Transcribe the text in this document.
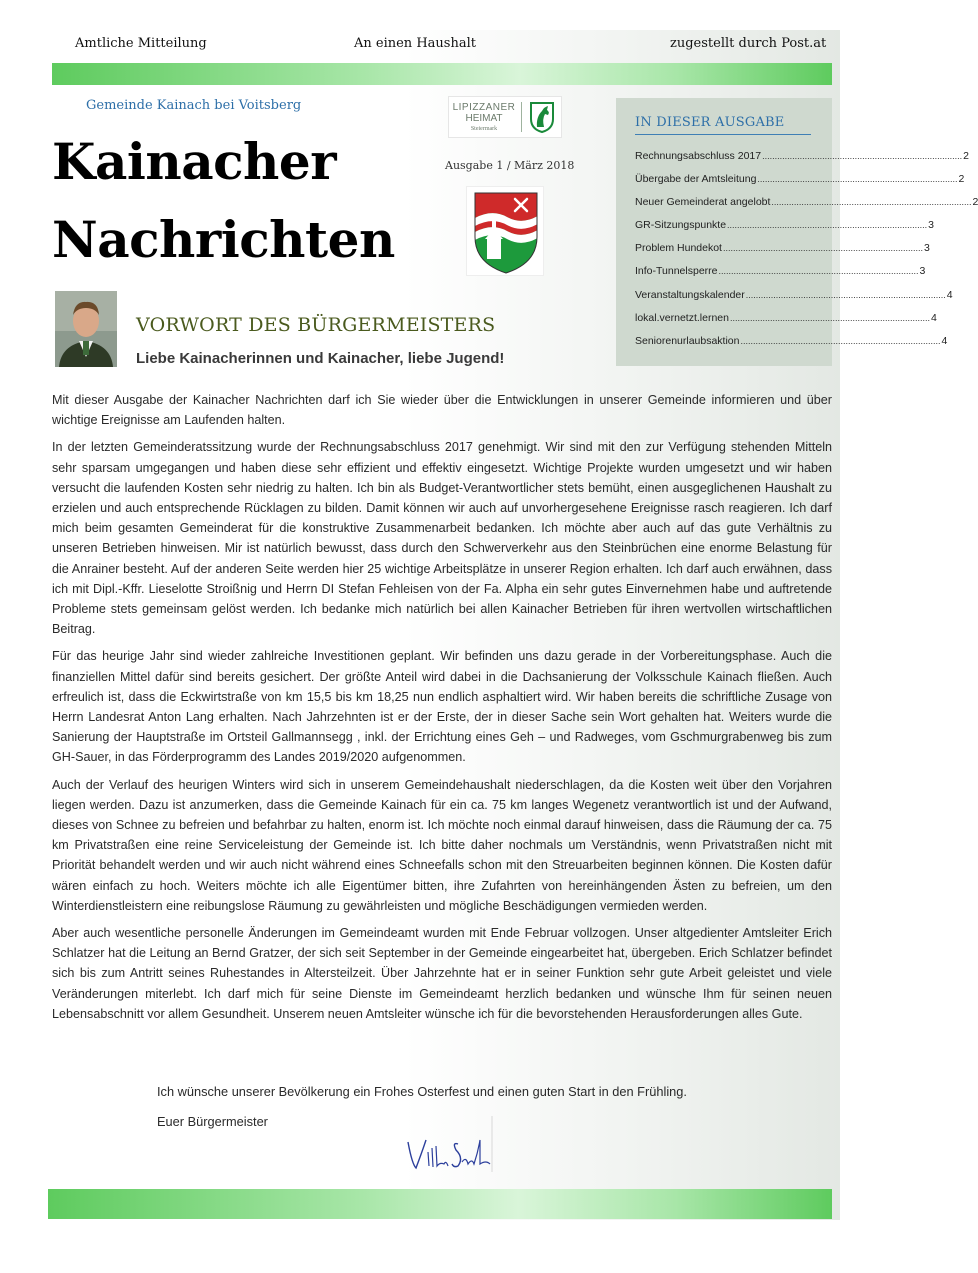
Amtliche Mitteilung	An einen Haushalt	zugestellt durch Post.at
Gemeinde Kainach bei Voitsberg
Kainacher
Nachrichten
LIPIZZANER
HEIMAT
Steiermark
Ausgabe 1 / März 2018
IN DIESER AUSGABE
Rechnungsabschluss 2017 ................................................................................ 2
Übergabe der Amtsleitung ................................................................................ 2
Neuer Gemeinderat angelobt ................................................................................ 2
GR-Sitzungspunkte ................................................................................ 3
Problem Hundekot ................................................................................ 3
Info-Tunnelsperre ................................................................................ 3
Veranstaltungskalender ................................................................................ 4
lokal.vernetzt.lernen ................................................................................ 4
Seniorenurlaubsaktion ................................................................................ 4
VORWORT DES BÜRGERMEISTERS
Liebe Kainacherinnen und Kainacher, liebe Jugend!

Mit dieser Ausgabe der Kainacher Nachrichten darf ich Sie wieder über die Entwicklungen in unserer Gemeinde informieren und über wichtige Ereignisse am Laufenden halten.

In der letzten Gemeinderatssitzung wurde der Rechnungsabschluss 2017 genehmigt. Wir sind mit den zur Verfügung stehenden Mitteln sehr sparsam umgegangen und haben diese sehr effizient und effektiv eingesetzt. Wichtige Projekte wurden umgesetzt und wir haben versucht die laufenden Kosten sehr niedrig zu halten. Ich bin als Budget-Verantwortlicher stets bemüht, einen ausgeglichenen Haushalt zu erzielen und auch entsprechende Rücklagen zu bilden. Damit können wir auch auf unvorhergesehene Ereignisse rasch reagieren. Ich darf mich beim gesamten Gemeinderat für die konstruktive Zusammenarbeit bedanken. Ich möchte aber auch auf das gute Verhältnis zu unseren Betrieben hinweisen. Mir ist natürlich bewusst, dass durch den Schwerverkehr aus den Steinbrüchen eine enorme Belastung für die Anrainer besteht. Auf der anderen Seite werden hier 25 wichtige Arbeitsplätze in unserer Region erhalten. Ich darf auch erwähnen, dass ich mit Dipl.-Kffr. Lieselotte Stroißnig und Herrn DI Stefan Fehleisen von der Fa. Alpha ein sehr gutes Einvernehmen habe und auftretende Probleme stets gemeinsam gelöst werden. Ich bedanke mich natürlich bei allen Kainacher Betrieben für ihren wertvollen wirtschaftlichen Beitrag.

Für das heurige Jahr sind wieder zahlreiche Investitionen geplant. Wir befinden uns dazu gerade in der Vorbereitungsphase. Auch die finanziellen Mittel dafür sind bereits gesichert. Der größte Anteil wird dabei in die Dachsanierung der Volksschule Kainach fließen. Auch erfreulich ist, dass die Eckwirtstraße von km 15,5 bis km 18,25 nun endlich asphaltiert wird. Wir haben bereits die schriftliche Zusage von Herrn Landesrat Anton Lang erhalten. Nach Jahrzehnten ist er der Erste, der in dieser Sache sein Wort gehalten hat. Weiters wurde die Sanierung der Hauptstraße im Ortsteil Gallmannsegg , inkl. der Errichtung eines Geh – und Radweges, vom Gschmurgrabenweg bis zum GH-Sauer, in das Förderprogramm des Landes 2019/2020 aufgenommen.

Auch der Verlauf des heurigen Winters wird sich in unserem Gemeindehaushalt niederschlagen, da die Kosten weit über den Vorjahren liegen werden. Dazu ist anzumerken, dass die Gemeinde Kainach für ein ca. 75 km langes Wegenetz verantwortlich ist und der Aufwand, dieses von Schnee zu befreien und befahrbar zu halten, enorm ist. Ich möchte noch einmal darauf hinweisen, dass die Räumung der ca. 75 km Privatstraßen eine reine Serviceleistung der Gemeinde ist. Ich bitte daher nochmals um Verständnis, wenn Privatstraßen nicht mit Priorität behandelt werden und wir auch nicht während eines Schneefalls schon mit den Streuarbeiten beginnen können. Die Kosten dafür wären einfach zu hoch. Weiters möchte ich alle Eigentümer bitten, ihre Zufahrten von hereinhängenden Ästen zu befreien, um den Winterdienstleistern eine reibungslose Räumung zu gewährleisten und mögliche Beschädigungen vermieden werden.

Aber auch wesentliche personelle Änderungen im Gemeindeamt wurden mit Ende Februar vollzogen. Unser altgedienter Amtsleiter Erich Schlatzer hat die Leitung an Bernd Gratzer, der sich seit September in der Gemeinde eingearbeitet hat, übergeben. Erich Schlatzer befindet sich bis zum Antritt seines Ruhestandes in Altersteilzeit. Über Jahrzehnte hat er in seiner Funktion sehr gute Arbeit geleistet und viele Veränderungen miterlebt. Ich darf mich für seine Dienste im Gemeindeamt herzlich bedanken und wünsche Ihm für seinen neuen Lebensabschnitt vor allem Gesundheit. Unserem neuen Amtsleiter wünsche ich für die bevorstehenden Herausforderungen alles Gute.

Ich wünsche unserer Bevölkerung ein Frohes Osterfest und einen guten Start in den Frühling.
Euer Bürgermeister
